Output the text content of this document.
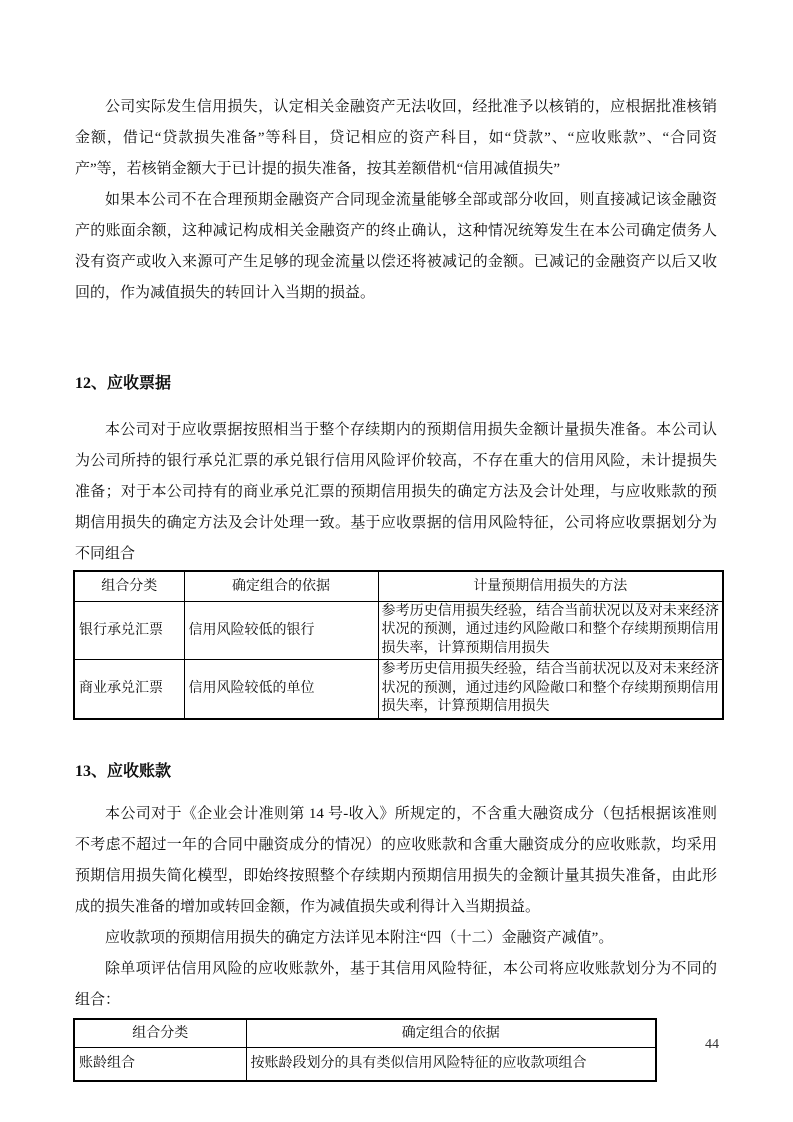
公司实际发生信用损失，认定相关金融资产无法收回，经批准予以核销的，应根据批准核销金额，借记“贷款损失准备”等科目，贷记相应的资产科目，如“贷款”、“应收账款”、“合同资产”等，若核销金额大于已计提的损失准备，按其差额借机“信用减值损失”

如果本公司不在合理预期金融资产合同现金流量能够全部或部分收回，则直接减记该金融资产的账面余额，这种减记构成相关金融资产的终止确认，这种情况统筹发生在本公司确定债务人没有资产或收入来源可产生足够的现金流量以偿还将被减记的金额。已减记的金融资产以后又收回的，作为减值损失的转回计入当期的损益。

12、应收票据

本公司对于应收票据按照相当于整个存续期内的预期信用损失金额计量损失准备。本公司认为公司所持的银行承兑汇票的承兑银行信用风险评价较高，不存在重大的信用风险，未计提损失准备；对于本公司持有的商业承兑汇票的预期信用损失的确定方法及会计处理，与应收账款的预期信用损失的确定方法及会计处理一致。基于应收票据的信用风险特征，公司将应收票据划分为不同组合

组合分类	确定组合的依据	计量预期信用损失的方法
银行承兑汇票	信用风险较低的银行	参考历史信用损失经验，结合当前状况以及对未来经济状况的预测，通过违约风险敞口和整个存续期预期信用损失率，计算预期信用损失
商业承兑汇票	信用风险较低的单位	参考历史信用损失经验，结合当前状况以及对未来经济状况的预测，通过违约风险敞口和整个存续期预期信用损失率，计算预期信用损失
13、应收账款

本公司对于《企业会计准则第 14 号-收入》所规定的，不含重大融资成分（包括根据该准则不考虑不超过一年的合同中融资成分的情况）的应收账款和含重大融资成分的应收账款，均采用预期信用损失简化模型，即始终按照整个存续期内预期信用损失的金额计量其损失准备，由此形成的损失准备的增加或转回金额，作为减值损失或利得计入当期损益。

应收款项的预期信用损失的确定方法详见本附注“四（十二）金融资产减值”。

除单项评估信用风险的应收账款外，基于其信用风险特征，本公司将应收账款划分为不同的组合：

组合分类	确定组合的依据
账龄组合	按账龄段划分的具有类似信用风险特征的应收款项组合
44
